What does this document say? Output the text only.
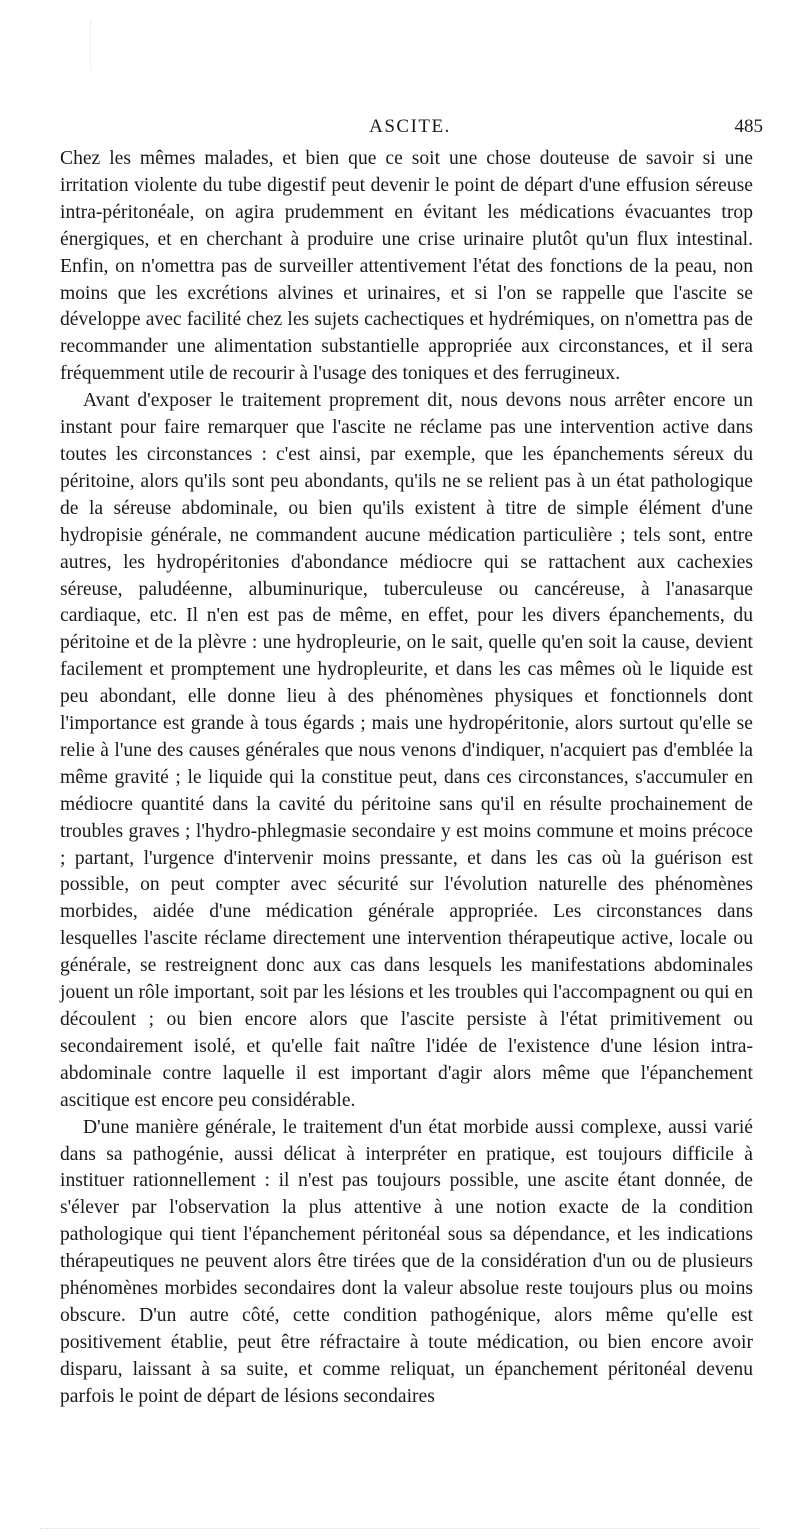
ASCITE.	485

Chez les mêmes malades, et bien que ce soit une chose douteuse de savoir si une irritation violente du tube digestif peut devenir le point de départ d'une effusion séreuse intra-péritonéale, on agira prudemment en évitant les médications évacuantes trop énergiques, et en cherchant à produire une crise urinaire plutôt qu'un flux intestinal. Enfin, on n'omettra pas de surveiller attentivement l'état des fonctions de la peau, non moins que les excrétions alvines et urinaires, et si l'on se rappelle que l'ascite se développe avec facilité chez les sujets cachectiques et hydrémiques, on n'omettra pas de recommander une alimentation substantielle appropriée aux circonstances, et il sera fréquemment utile de recourir à l'usage des toniques et des ferrugineux.

Avant d'exposer le traitement proprement dit, nous devons nous arrêter encore un instant pour faire remarquer que l'ascite ne réclame pas une intervention active dans toutes les circonstances : c'est ainsi, par exemple, que les épanchements séreux du péritoine, alors qu'ils sont peu abondants, qu'ils ne se relient pas à un état pathologique de la séreuse abdominale, ou bien qu'ils existent à titre de simple élément d'une hydropisie générale, ne commandent aucune médication particulière ; tels sont, entre autres, les hydropéritonies d'abondance médiocre qui se rattachent aux cachexies séreuse, paludéenne, albuminurique, tuberculeuse ou cancéreuse, à l'anasarque cardiaque, etc. Il n'en est pas de même, en effet, pour les divers épanchements, du péritoine et de la plèvre : une hydropleurie, on le sait, quelle qu'en soit la cause, devient facilement et promptement une hydropleurite, et dans les cas mêmes où le liquide est peu abondant, elle donne lieu à des phénomènes physiques et fonctionnels dont l'importance est grande à tous égards ; mais une hydropéritonie, alors surtout qu'elle se relie à l'une des causes générales que nous venons d'indiquer, n'acquiert pas d'emblée la même gravité ; le liquide qui la constitue peut, dans ces circonstances, s'accumuler en médiocre quantité dans la cavité du péritoine sans qu'il en résulte prochainement de troubles graves ; l'hydro-phlegmasie secondaire y est moins commune et moins précoce ; partant, l'urgence d'intervenir moins pressante, et dans les cas où la guérison est possible, on peut compter avec sécurité sur l'évolution naturelle des phénomènes morbides, aidée d'une médication générale appropriée. Les circonstances dans lesquelles l'ascite réclame directement une intervention thérapeutique active, locale ou générale, se restreignent donc aux cas dans lesquels les manifestations abdominales jouent un rôle important, soit par les lésions et les troubles qui l'accompagnent ou qui en découlent ; ou bien encore alors que l'ascite persiste à l'état primitivement ou secondairement isolé, et qu'elle fait naître l'idée de l'existence d'une lésion intra-abdominale contre laquelle il est important d'agir alors même que l'épanchement ascitique est encore peu considérable.

D'une manière générale, le traitement d'un état morbide aussi complexe, aussi varié dans sa pathogénie, aussi délicat à interpréter en pratique, est toujours difficile à instituer rationnellement : il n'est pas toujours possible, une ascite étant donnée, de s'élever par l'observation la plus attentive à une notion exacte de la condition pathologique qui tient l'épanchement péritonéal sous sa dépendance, et les indications thérapeutiques ne peuvent alors être tirées que de la considération d'un ou de plusieurs phénomènes morbides secondaires dont la valeur absolue reste toujours plus ou moins obscure. D'un autre côté, cette condition pathogénique, alors même qu'elle est positivement établie, peut être réfractaire à toute médication, ou bien encore avoir disparu, laissant à sa suite, et comme reliquat, un épanchement péritonéal devenu parfois le point de départ de lésions secondaires
